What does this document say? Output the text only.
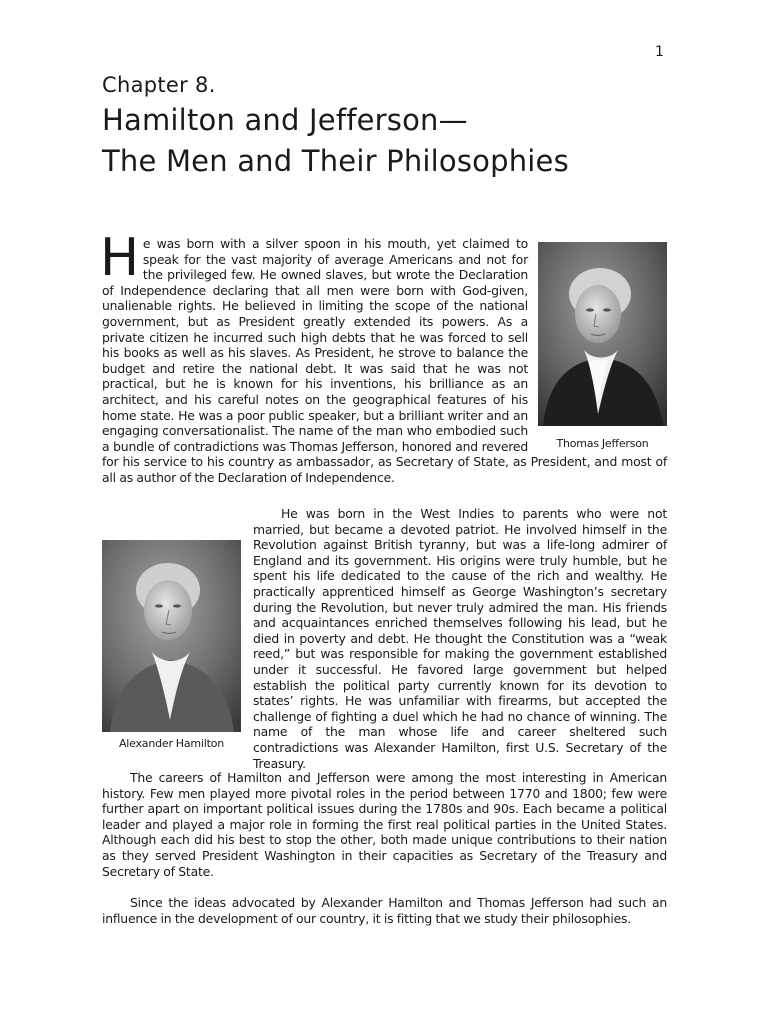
1
Chapter 8.
Hamilton and Jefferson—
The Men and Their Philosophies
Thomas Jefferson

He was born with a silver spoon in his mouth, yet claimed to speak for the vast majority of average Americans and not for the privileged few. He owned slaves, but wrote the Declaration of Independence declaring that all men were born with God-given, unalienable rights. He believed in limiting the scope of the national government, but as President greatly extended its powers. As a private citizen he incurred such high debts that he was forced to sell his books as well as his slaves. As President, he strove to balance the budget and retire the national debt. It was said that he was not practical, but he is known for his inventions, his brilliance as an architect, and his careful notes on the geographical features of his home state. He was a poor public speaker, but a brilliant writer and an engaging conversationalist. The name of the man who embodied such a bundle of contradictions was Thomas Jefferson, honored and revered for his service to his country as ambassador, as Secretary of State, as President, and most of all as author of the Declaration of Independence.

Alexander Hamilton

He was born in the West Indies to parents who were not married, but became a devoted patriot. He involved himself in the Revolution against British tyranny, but was a life-long admirer of England and its government. His origins were truly humble, but he spent his life dedicated to the cause of the rich and wealthy. He practically apprenticed himself as George Washington’s secretary during the Revolution, but never truly admired the man. His friends and acquaintances enriched themselves following his lead, but he died in poverty and debt. He thought the Constitution was a “weak reed,” but was responsible for making the government established under it successful. He favored large government but helped establish the political party currently known for its devotion to states’ rights. He was unfamiliar with firearms, but accepted the challenge of fighting a duel which he had no chance of winning. The name of the man whose life and career sheltered such contradictions was Alexander Hamilton, first U.S. Secretary of the Treasury.

The careers of Hamilton and Jefferson were among the most interesting in American history. Few men played more pivotal roles in the period between 1770 and 1800; few were further apart on important political issues during the 1780s and 90s. Each became a political leader and played a major role in forming the first real political parties in the United States. Although each did his best to stop the other, both made unique contributions to their nation as they served President Washington in their capacities as Secretary of the Treasury and Secretary of State.

Since the ideas advocated by Alexander Hamilton and Thomas Jefferson had such an influence in the development of our country, it is fitting that we study their philosophies.
